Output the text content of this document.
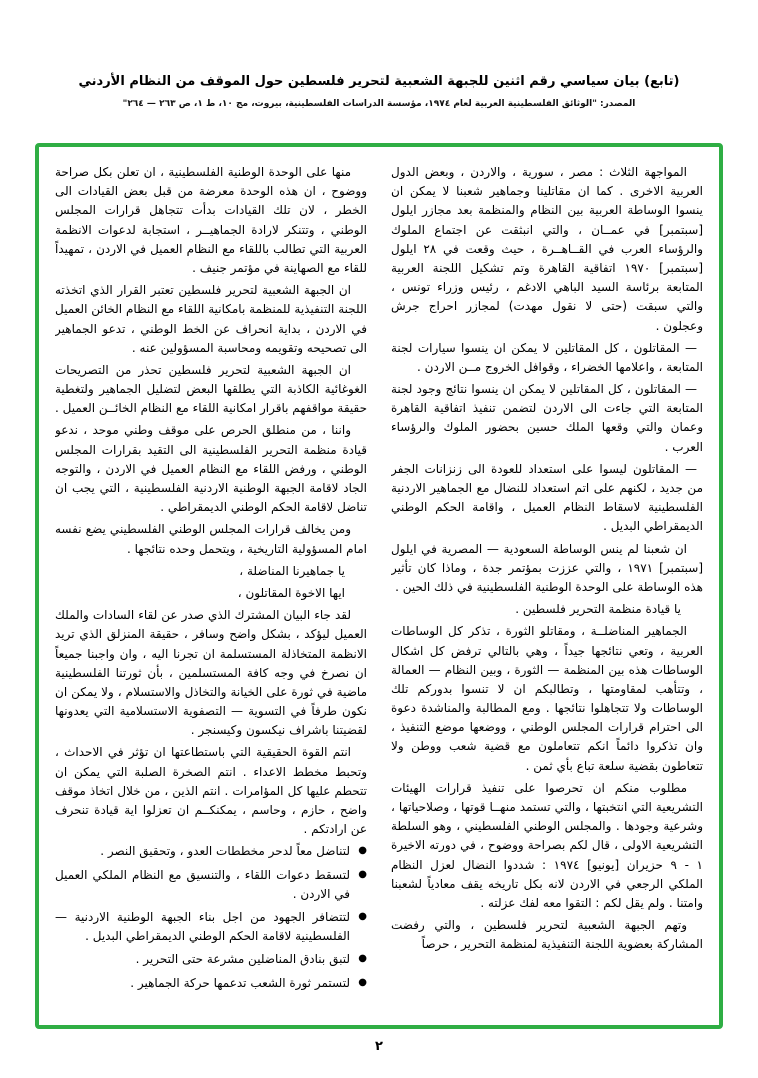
(تابع) بيان سياسي رقم اثنين للجبهة الشعبية لتحرير فلسطين حول الموقف من النظام الأردني
المصدر: "الوثائق الفلسطينية العربية لعام ١٩٧٤، مؤسسة الدراسات الفلسطينية، بيروت، مج ١٠، ط ١، ص ٢٦٣ — ٢٦٤"

المواجهة الثلاث : مصر ، سورية ، والاردن ، وبعض الدول العربية الاخرى . كما ان مقاتلينا وجماهير شعبنا لا يمكن ان ينسوا الوساطة العربية بين النظام والمنظمة بعد مجازر ايلول [سبتمبر] في عمــان ، والتي انبثقت عن اجتماع الملوك والرؤساء العرب في القــاهــرة ، حيث وقعت في ٢٨ ايلول [سبتمبر] ١٩٧٠ اتفاقية القاهرة وتم تشكيل اللجنة العربية المتابعة برئاسة السيد الباهي الادغم ، رئيس وزراء تونس ، والتي سبقت (حتى لا نقول مهدت) لمجازر احراج جرش وعجلون .

— المقاتلون ، كل المقاتلين لا يمكن ان ينسوا سيارات لجنة المتابعة ، واعلامها الخضراء ، وقوافل الخروج مــن الاردن .

— المقاتلون ، كل المقاتلين لا يمكن ان ينسوا نتائج وجود لجنة المتابعة التي جاءت الى الاردن لتضمن تنفيذ اتفاقية القاهرة وعمان والتي وقعها الملك حسين بحضور الملوك والرؤساء العرب .

— المقاتلون ليسوا على استعداد للعودة الى زنزانات الجفر من جديد ، لكنهم على اتم استعداد للنضال مع الجماهير الاردنية الفلسطينية لاسقاط النظام العميل ، واقامة الحكم الوطني الديمقراطي البديل .

ان شعبنا لم ينس الوساطة السعودية — المصرية في ايلول [سبتمبر] ١٩٧١ ، والتي عززت بمؤتمر جدة ، وماذا كان تأثير هذه الوساطة على الوحدة الوطنية الفلسطينية في ذلك الحين .

يا قيادة منظمة التحرير فلسطين .

الجماهير المناضلــة ، ومقاتلو الثورة ، تذكر كل الوساطات العربية ، وتعي نتائجها جيداً ، وهي بالتالي ترفض كل اشكال الوساطات هذه بين المنظمة — الثورة ، وبين النظام — العمالة ، وتتأهب لمقاومتها ، وتطالبكم ان لا تنسوا بدوركم تلك الوساطات ولا تتجاهلوا نتائجها . ومع المطالبة والمناشدة دعوة الى احترام قرارات المجلس الوطني ، ووضعها موضع التنفيذ ، وان تذكروا دائماً انكم تتعاملون مع قضية شعب ووطن ولا تتعاطون بقضية سلعة تباع بأي ثمن .

مطلوب منكم ان تحرصوا على تنفيذ قرارات الهيئات التشريعية التي انتخبتها ، والتي تستمد منهــا قوتها ، وصلاحياتها ، وشرعية وجودها . والمجلس الوطني الفلسطيني ، وهو السلطة التشريعية الاولى ، قال لكم بصراحة ووضوح ، في دورته الاخيرة ١ - ٩ حزيران [يونيو] ١٩٧٤ : شددوا النضال لعزل النظام الملكي الرجعي في الاردن لانه بكل تاريخه يقف معادياً لشعبنا وامتنا . ولم يقل لكم : التقوا معه لفك عزلته .

وتهم الجبهة الشعبية لتحرير فلسطين ، والتي رفضت المشاركة بعضوية اللجنة التنفيذية لمنظمة التحرير ، حرصاً

منها على الوحدة الوطنية الفلسطينية ، ان تعلن بكل صراحة ووضوح ، ان هذه الوحدة معرضة من قبل بعض القيادات الى الخطر ، لان تلك القيادات بدأت تتجاهل قرارات المجلس الوطني ، وتتنكر لارادة الجماهيــر ، استجابة لدعوات الانظمة العربية التي تطالب باللقاء مع النظام العميل في الاردن ، تمهيداً للقاء مع الصهاينة في مؤتمر جنيف .

ان الجبهة الشعبية لتحرير فلسطين تعتبر القرار الذي اتخذته اللجنة التنفيذية للمنظمة بامكانية اللقاء مع النظام الخائن العميل في الاردن ، بداية انحراف عن الخط الوطني ، تدعو الجماهير الى تصحيحه وتقويمه ومحاسبة المسؤولين عنه .

ان الجبهة الشعبية لتحرير فلسطين تحذر من التصريحات الغوغائية الكاذبة التي يطلقها البعض لتضليل الجماهير ولتغطية حقيقة مواقفهم باقرار امكانية اللقاء مع النظام الخائــن العميل .

واننا ، من منطلق الحرص على موقف وطني موحد ، ندعو قيادة منظمة التحرير الفلسطينية الى التقيد بقرارات المجلس الوطني ، ورفض اللقاء مع النظام العميل في الاردن ، والتوجه الجاد لاقامة الجبهة الوطنية الاردنية الفلسطينية ، التي يجب ان تناضل لاقامة الحكم الوطني الديمقراطي .

ومن يخالف قرارات المجلس الوطني الفلسطيني يضع نفسه امام المسؤولية التاريخية ، ويتحمل وحده نتائجها .

يا جماهيرنا المناضلة ،

ايها الاخوة المقاتلون ،

لقد جاء البيان المشترك الذي صدر عن لقاء السادات والملك العميل ليؤكد ، بشكل واضح وسافر ، حقيقة المنزلق الذي تريد الانظمة المتخاذلة المستسلمة ان تجرنا اليه ، وان واجبنا جميعاً ان نصرخ في وجه كافة المستسلمين ، بأن ثورتنا الفلسطينية ماضية في ثورة على الخيانة والتخاذل والاستسلام ، ولا يمكن ان نكون طرفاً في التسوية — التصفوية الاستسلامية التي يعدونها لقضيتنا باشراف نيكسون وكيسنجر .

انتم القوة الحقيقية التي باستطاعتها ان تؤثر في الاحداث ، وتحبط مخطط الاعداء . انتم الصخرة الصلبة التي يمكن ان تتحطم عليها كل المؤامرات . انتم الذين ، من خلال اتخاذ موقف واضح ، حازم ، وحاسم ، يمكنكــم ان تعزلوا اية قيادة تنحرف عن ارادتكم .

●
لتناضل معاً لدحر مخططات العدو ، وتحقيق النصر .

●
لتسقط دعوات اللقاء ، والتنسيق مع النظام الملكي العميل في الاردن .

●
لتتضافر الجهود من اجل بناء الجبهة الوطنية الاردنية — الفلسطينية لاقامة الحكم الوطني الديمقراطي البديل .

●
لتبق بنادق المناضلين مشرعة حتى التحرير .

●
لتستمر ثورة الشعب تدعمها حركة الجماهير .

٢
